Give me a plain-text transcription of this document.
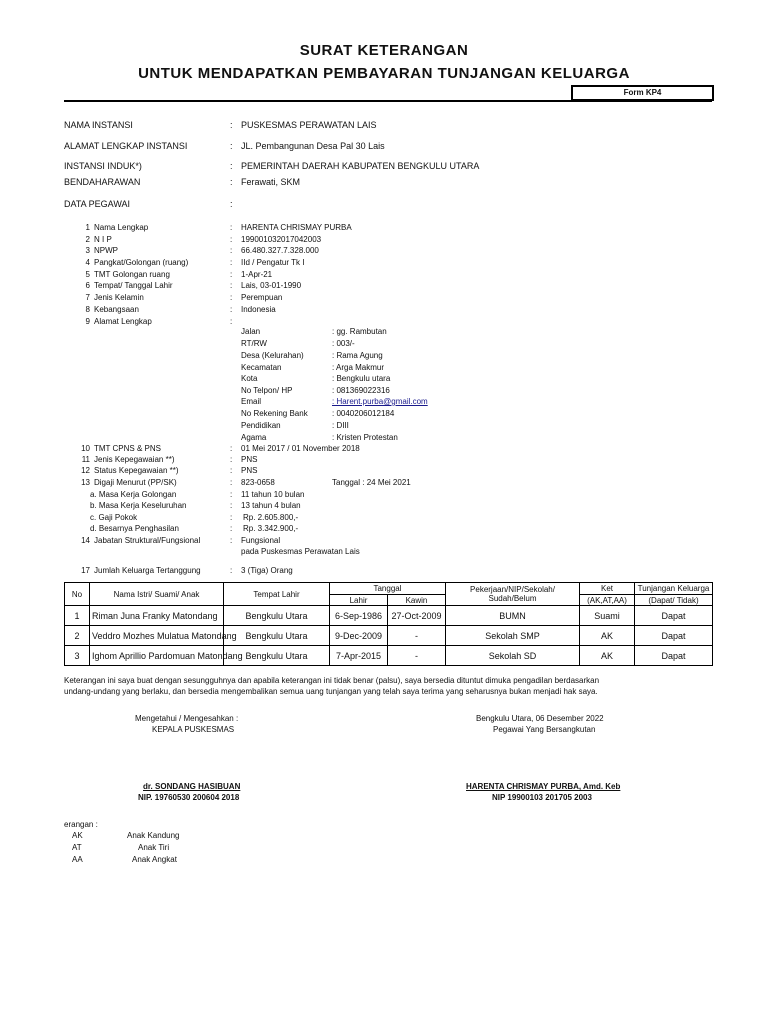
SURAT KETERANGAN
UNTUK MENDAPATKAN PEMBAYARAN TUNJANGAN KELUARGA
Form KP4
NAMA INSTANSI	: PUSKESMAS PERAWATAN LAIS
ALAMAT LENGKAP INSTANSI	: JL. Pembangunan Desa Pal 30 Lais
INSTANSI INDUK*)	: PEMERINTAH DAERAH KABUPATEN BENGKULU UTARA
BENDAHARAWAN	: Ferawati, SKM
DATA PEGAWAI	:
1 Nama Lengkap	: HARENTA CHRISMAY PURBA
2 N I P	: 199001032017042003
3 NPWP	: 66.480.327.7.328.000
4 Pangkat/Golongan (ruang)	: IId / Pengatur Tk I
5 TMT Golongan ruang	: 1-Apr-21
6 Tempat/ Tanggal Lahir	: Lais, 03-01-1990
7 Jenis Kelamin	: Perempuan
8 Kebangsaan	: Indonesia
9 Alamat Lengkap	:
Jalan	: gg. Rambutan
RT/RW	: 003/-
Desa (Kelurahan)	: Rama Agung
Kecamatan	: Arga Makmur
Kota	: Bengkulu utara
No Telpon/ HP	: 081369022316
Email	: Harent.purba@gmail.com
No Rekening Bank	: 0040206012184
Pendidikan	: DIII
Agama	: Kristen Protestan
10 TMT CPNS & PNS	: 01 Mei 2017 / 01 November 2018
11 Jenis Kepegawaian **)	: PNS
12 Status Kepegawaian **)	: PNS
13 Digaji Menurut (PP/SK)	: 823-0658	Tanggal : 24 Mei 2021
a. Masa Kerja Golongan	: 11 tahun 10 bulan
b. Masa Kerja Keseluruhan	: 13 tahun 4 bulan
c. Gaji Pokok	: Rp. 2.605.800,-
d. Besarnya Penghasilan	: Rp. 3.342.900,-
14 Jabatan Struktural/Fungsional	: Fungsional
pada Puskesmas Perawatan Lais
17 Jumlah Keluarga Tertanggung	: 3 (Tiga) Orang
No	Nama Istri/ Suami/ Anak	Tempat Lahir	Tanggal		Pekerjaan/NIP/Sekolah/ Sudah/Belum	Ket	Tunjangan Keluarga
			Lahir	Kawin		(AK,AT,AA)	(Dapat/ Tidak)
1	Riman Juna Franky Matondang	Bengkulu Utara	6-Sep-1986	27-Oct-2009	BUMN	Suami	Dapat
2	Veddro Mozhes Mulatua Matondang	Bengkulu Utara	9-Dec-2009	-	Sekolah SMP	AK	Dapat
3	Ighom Aprillio Pardomuan Matondang	Bengkulu Utara	7-Apr-2015	-	Sekolah SD	AK	Dapat
Keterangan ini saya buat dengan sesungguhnya dan apabila keterangan ini tidak benar (palsu), saya bersedia dituntut dimuka pengadilan berdasarkan
undang-undang yang berlaku, dan bersedia mengembalikan semua uang tunjangan yang telah saya terima yang seharusnya bukan menjadi hak saya.
Mengetahui / Mengesahkan :
KEPALA PUSKESMAS
dr. SONDANG HASIBUAN
NIP. 19760530 200604 2018
Bengkulu Utara, 06 Desember 2022
Pegawai Yang Bersangkutan
HARENTA CHRISMAY PURBA, Amd. Keb
NIP 19900103 201705 2003
erangan :
AK	Anak Kandung
AT	Anak Tiri
AA	Anak Angkat
